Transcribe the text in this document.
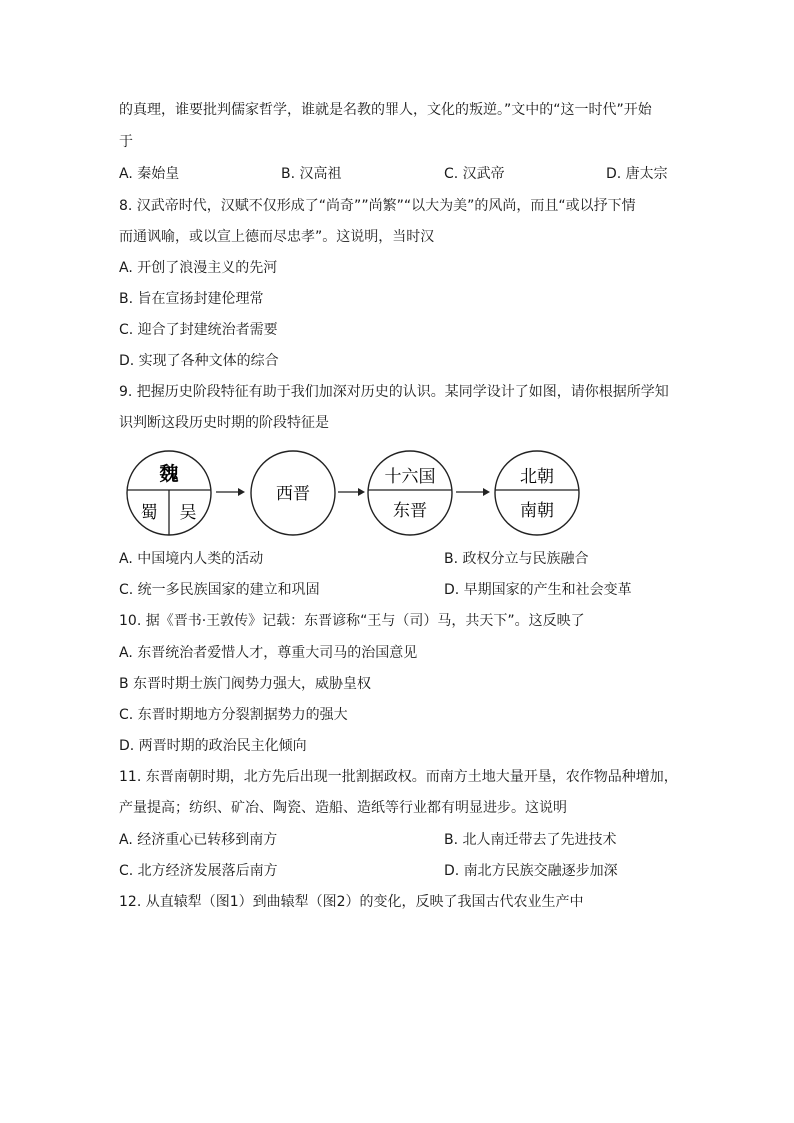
的真理，谁要批判儒家哲学，谁就是名教的罪人，文化的叛逆。”文中的“这一时代”开始
于
A. 秦始皇	B. 汉高祖	C. 汉武帝	D. 唐太宗
8. 汉武帝时代，汉赋不仅形成了“尚奇””尚繁”“以大为美”的风尚，而且“或以抒下情
而通讽喻，或以宣上德而尽忠孝”。这说明，当时汉
A. 开创了浪漫主义的先河
B. 旨在宣扬封建伦理常
C. 迎合了封建统治者需要
D. 实现了各种文体的综合
9. 把握历史阶段特征有助于我们加深对历史的认识。某同学设计了如图，请你根据所学知
识判断这段历史时期的阶段特征是
魏
蜀 吴
西晋
十六国
东晋
北朝
南朝
A. 中国境内人类的活动	B. 政权分立与民族融合
C. 统一多民族国家的建立和巩固	D. 早期国家的产生和社会变革
10. 据《晋书·王敦传》记载：东晋谚称“王与（司）马，共天下”。这反映了
A. 东晋统治者爱惜人才，尊重大司马的治国意见
B 东晋时期士族门阀势力强大，威胁皇权
C. 东晋时期地方分裂割据势力的强大
D. 两晋时期的政治民主化倾向
11. 东晋南朝时期，北方先后出现一批割据政权。而南方土地大量开垦，农作物品种增加，
产量提高；纺织、矿冶、陶瓷、造船、造纸等行业都有明显进步。这说明
A. 经济重心已转移到南方	B. 北人南迁带去了先进技术
C. 北方经济发展落后南方	D. 南北方民族交融逐步加深
12. 从直辕犁（图1）到曲辕犁（图2）的变化，反映了我国古代农业生产中
